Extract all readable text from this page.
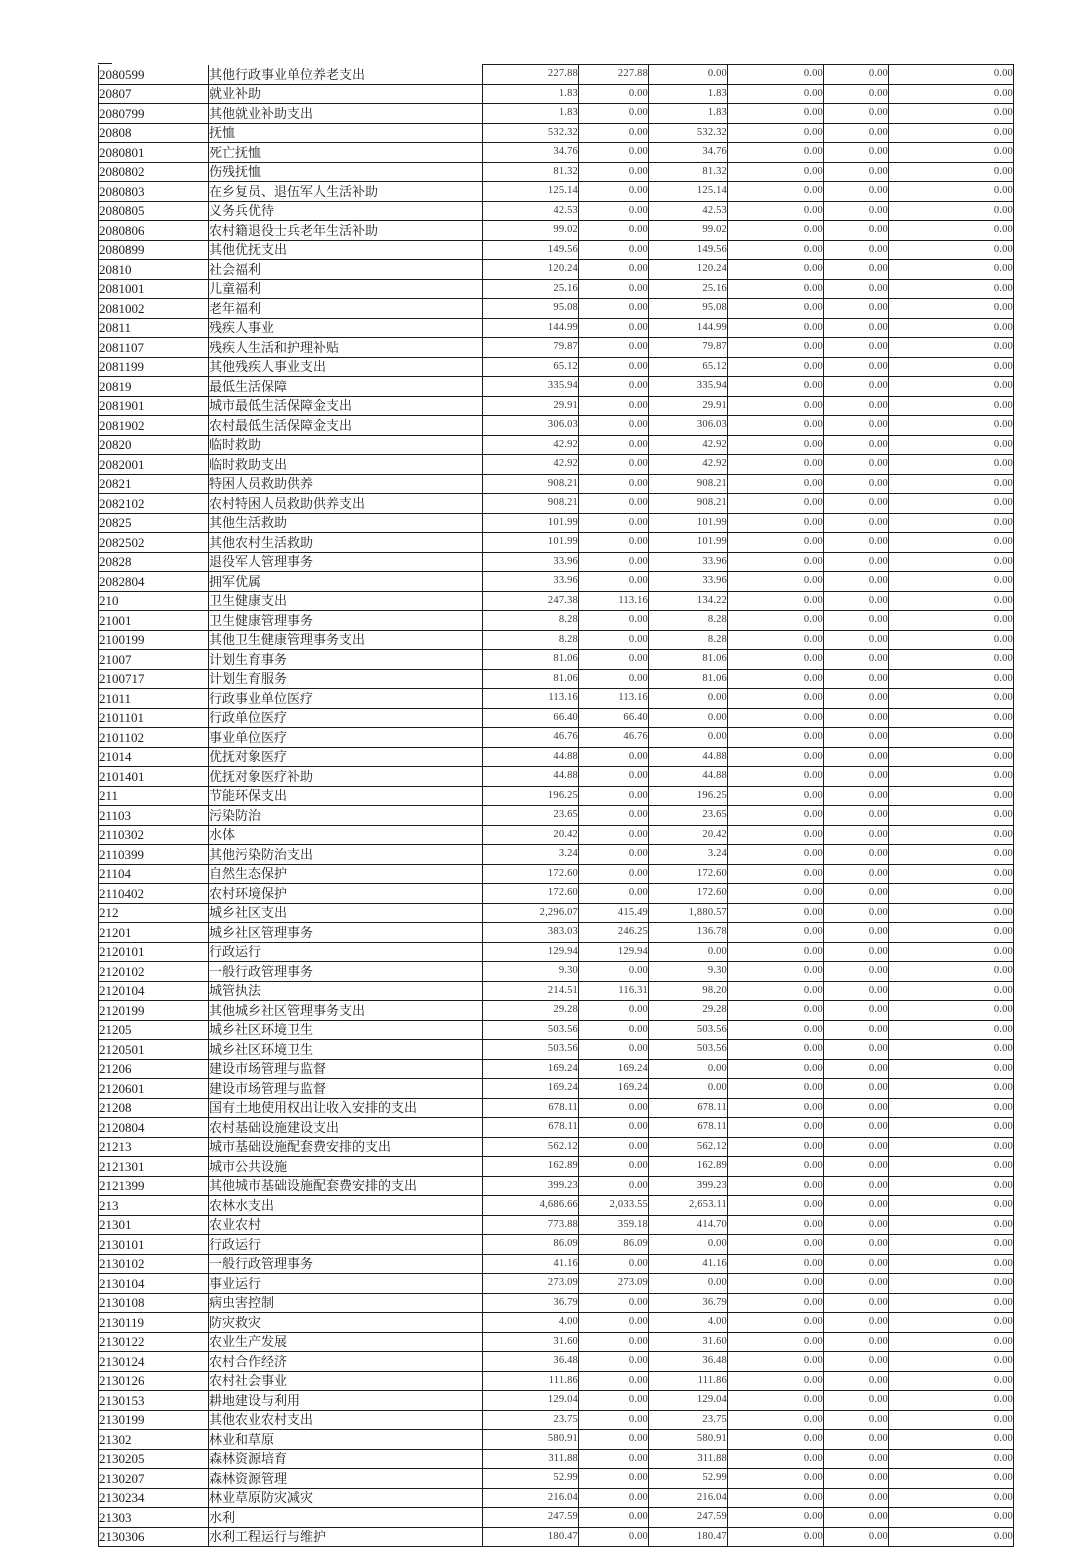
2080599	其他行政事业单位养老支出	227.88	227.88	0.00	0.00	0.00	0.00
20807	就业补助	1.83	0.00	1.83	0.00	0.00	0.00
2080799	其他就业补助支出	1.83	0.00	1.83	0.00	0.00	0.00
20808	抚恤	532.32	0.00	532.32	0.00	0.00	0.00
2080801	死亡抚恤	34.76	0.00	34.76	0.00	0.00	0.00
2080802	伤残抚恤	81.32	0.00	81.32	0.00	0.00	0.00
2080803	在乡复员、退伍军人生活补助	125.14	0.00	125.14	0.00	0.00	0.00
2080805	义务兵优待	42.53	0.00	42.53	0.00	0.00	0.00
2080806	农村籍退役士兵老年生活补助	99.02	0.00	99.02	0.00	0.00	0.00
2080899	其他优抚支出	149.56	0.00	149.56	0.00	0.00	0.00
20810	社会福利	120.24	0.00	120.24	0.00	0.00	0.00
2081001	儿童福利	25.16	0.00	25.16	0.00	0.00	0.00
2081002	老年福利	95.08	0.00	95.08	0.00	0.00	0.00
20811	残疾人事业	144.99	0.00	144.99	0.00	0.00	0.00
2081107	残疾人生活和护理补贴	79.87	0.00	79.87	0.00	0.00	0.00
2081199	其他残疾人事业支出	65.12	0.00	65.12	0.00	0.00	0.00
20819	最低生活保障	335.94	0.00	335.94	0.00	0.00	0.00
2081901	城市最低生活保障金支出	29.91	0.00	29.91	0.00	0.00	0.00
2081902	农村最低生活保障金支出	306.03	0.00	306.03	0.00	0.00	0.00
20820	临时救助	42.92	0.00	42.92	0.00	0.00	0.00
2082001	临时救助支出	42.92	0.00	42.92	0.00	0.00	0.00
20821	特困人员救助供养	908.21	0.00	908.21	0.00	0.00	0.00
2082102	农村特困人员救助供养支出	908.21	0.00	908.21	0.00	0.00	0.00
20825	其他生活救助	101.99	0.00	101.99	0.00	0.00	0.00
2082502	其他农村生活救助	101.99	0.00	101.99	0.00	0.00	0.00
20828	退役军人管理事务	33.96	0.00	33.96	0.00	0.00	0.00
2082804	拥军优属	33.96	0.00	33.96	0.00	0.00	0.00
210	卫生健康支出	247.38	113.16	134.22	0.00	0.00	0.00
21001	卫生健康管理事务	8.28	0.00	8.28	0.00	0.00	0.00
2100199	其他卫生健康管理事务支出	8.28	0.00	8.28	0.00	0.00	0.00
21007	计划生育事务	81.06	0.00	81.06	0.00	0.00	0.00
2100717	计划生育服务	81.06	0.00	81.06	0.00	0.00	0.00
21011	行政事业单位医疗	113.16	113.16	0.00	0.00	0.00	0.00
2101101	行政单位医疗	66.40	66.40	0.00	0.00	0.00	0.00
2101102	事业单位医疗	46.76	46.76	0.00	0.00	0.00	0.00
21014	优抚对象医疗	44.88	0.00	44.88	0.00	0.00	0.00
2101401	优抚对象医疗补助	44.88	0.00	44.88	0.00	0.00	0.00
211	节能环保支出	196.25	0.00	196.25	0.00	0.00	0.00
21103	污染防治	23.65	0.00	23.65	0.00	0.00	0.00
2110302	水体	20.42	0.00	20.42	0.00	0.00	0.00
2110399	其他污染防治支出	3.24	0.00	3.24	0.00	0.00	0.00
21104	自然生态保护	172.60	0.00	172.60	0.00	0.00	0.00
2110402	农村环境保护	172.60	0.00	172.60	0.00	0.00	0.00
212	城乡社区支出	2,296.07	415.49	1,880.57	0.00	0.00	0.00
21201	城乡社区管理事务	383.03	246.25	136.78	0.00	0.00	0.00
2120101	行政运行	129.94	129.94	0.00	0.00	0.00	0.00
2120102	一般行政管理事务	9.30	0.00	9.30	0.00	0.00	0.00
2120104	城管执法	214.51	116.31	98.20	0.00	0.00	0.00
2120199	其他城乡社区管理事务支出	29.28	0.00	29.28	0.00	0.00	0.00
21205	城乡社区环境卫生	503.56	0.00	503.56	0.00	0.00	0.00
2120501	城乡社区环境卫生	503.56	0.00	503.56	0.00	0.00	0.00
21206	建设市场管理与监督	169.24	169.24	0.00	0.00	0.00	0.00
2120601	建设市场管理与监督	169.24	169.24	0.00	0.00	0.00	0.00
21208	国有土地使用权出让收入安排的支出	678.11	0.00	678.11	0.00	0.00	0.00
2120804	农村基础设施建设支出	678.11	0.00	678.11	0.00	0.00	0.00
21213	城市基础设施配套费安排的支出	562.12	0.00	562.12	0.00	0.00	0.00
2121301	城市公共设施	162.89	0.00	162.89	0.00	0.00	0.00
2121399	其他城市基础设施配套费安排的支出	399.23	0.00	399.23	0.00	0.00	0.00
213	农林水支出	4,686.66	2,033.55	2,653.11	0.00	0.00	0.00
21301	农业农村	773.88	359.18	414.70	0.00	0.00	0.00
2130101	行政运行	86.09	86.09	0.00	0.00	0.00	0.00
2130102	一般行政管理事务	41.16	0.00	41.16	0.00	0.00	0.00
2130104	事业运行	273.09	273.09	0.00	0.00	0.00	0.00
2130108	病虫害控制	36.79	0.00	36.79	0.00	0.00	0.00
2130119	防灾救灾	4.00	0.00	4.00	0.00	0.00	0.00
2130122	农业生产发展	31.60	0.00	31.60	0.00	0.00	0.00
2130124	农村合作经济	36.48	0.00	36.48	0.00	0.00	0.00
2130126	农村社会事业	111.86	0.00	111.86	0.00	0.00	0.00
2130153	耕地建设与利用	129.04	0.00	129.04	0.00	0.00	0.00
2130199	其他农业农村支出	23.75	0.00	23.75	0.00	0.00	0.00
21302	林业和草原	580.91	0.00	580.91	0.00	0.00	0.00
2130205	森林资源培育	311.88	0.00	311.88	0.00	0.00	0.00
2130207	森林资源管理	52.99	0.00	52.99	0.00	0.00	0.00
2130234	林业草原防灾减灾	216.04	0.00	216.04	0.00	0.00	0.00
21303	水利	247.59	0.00	247.59	0.00	0.00	0.00
2130306	水利工程运行与维护	180.47	0.00	180.47	0.00	0.00	0.00
